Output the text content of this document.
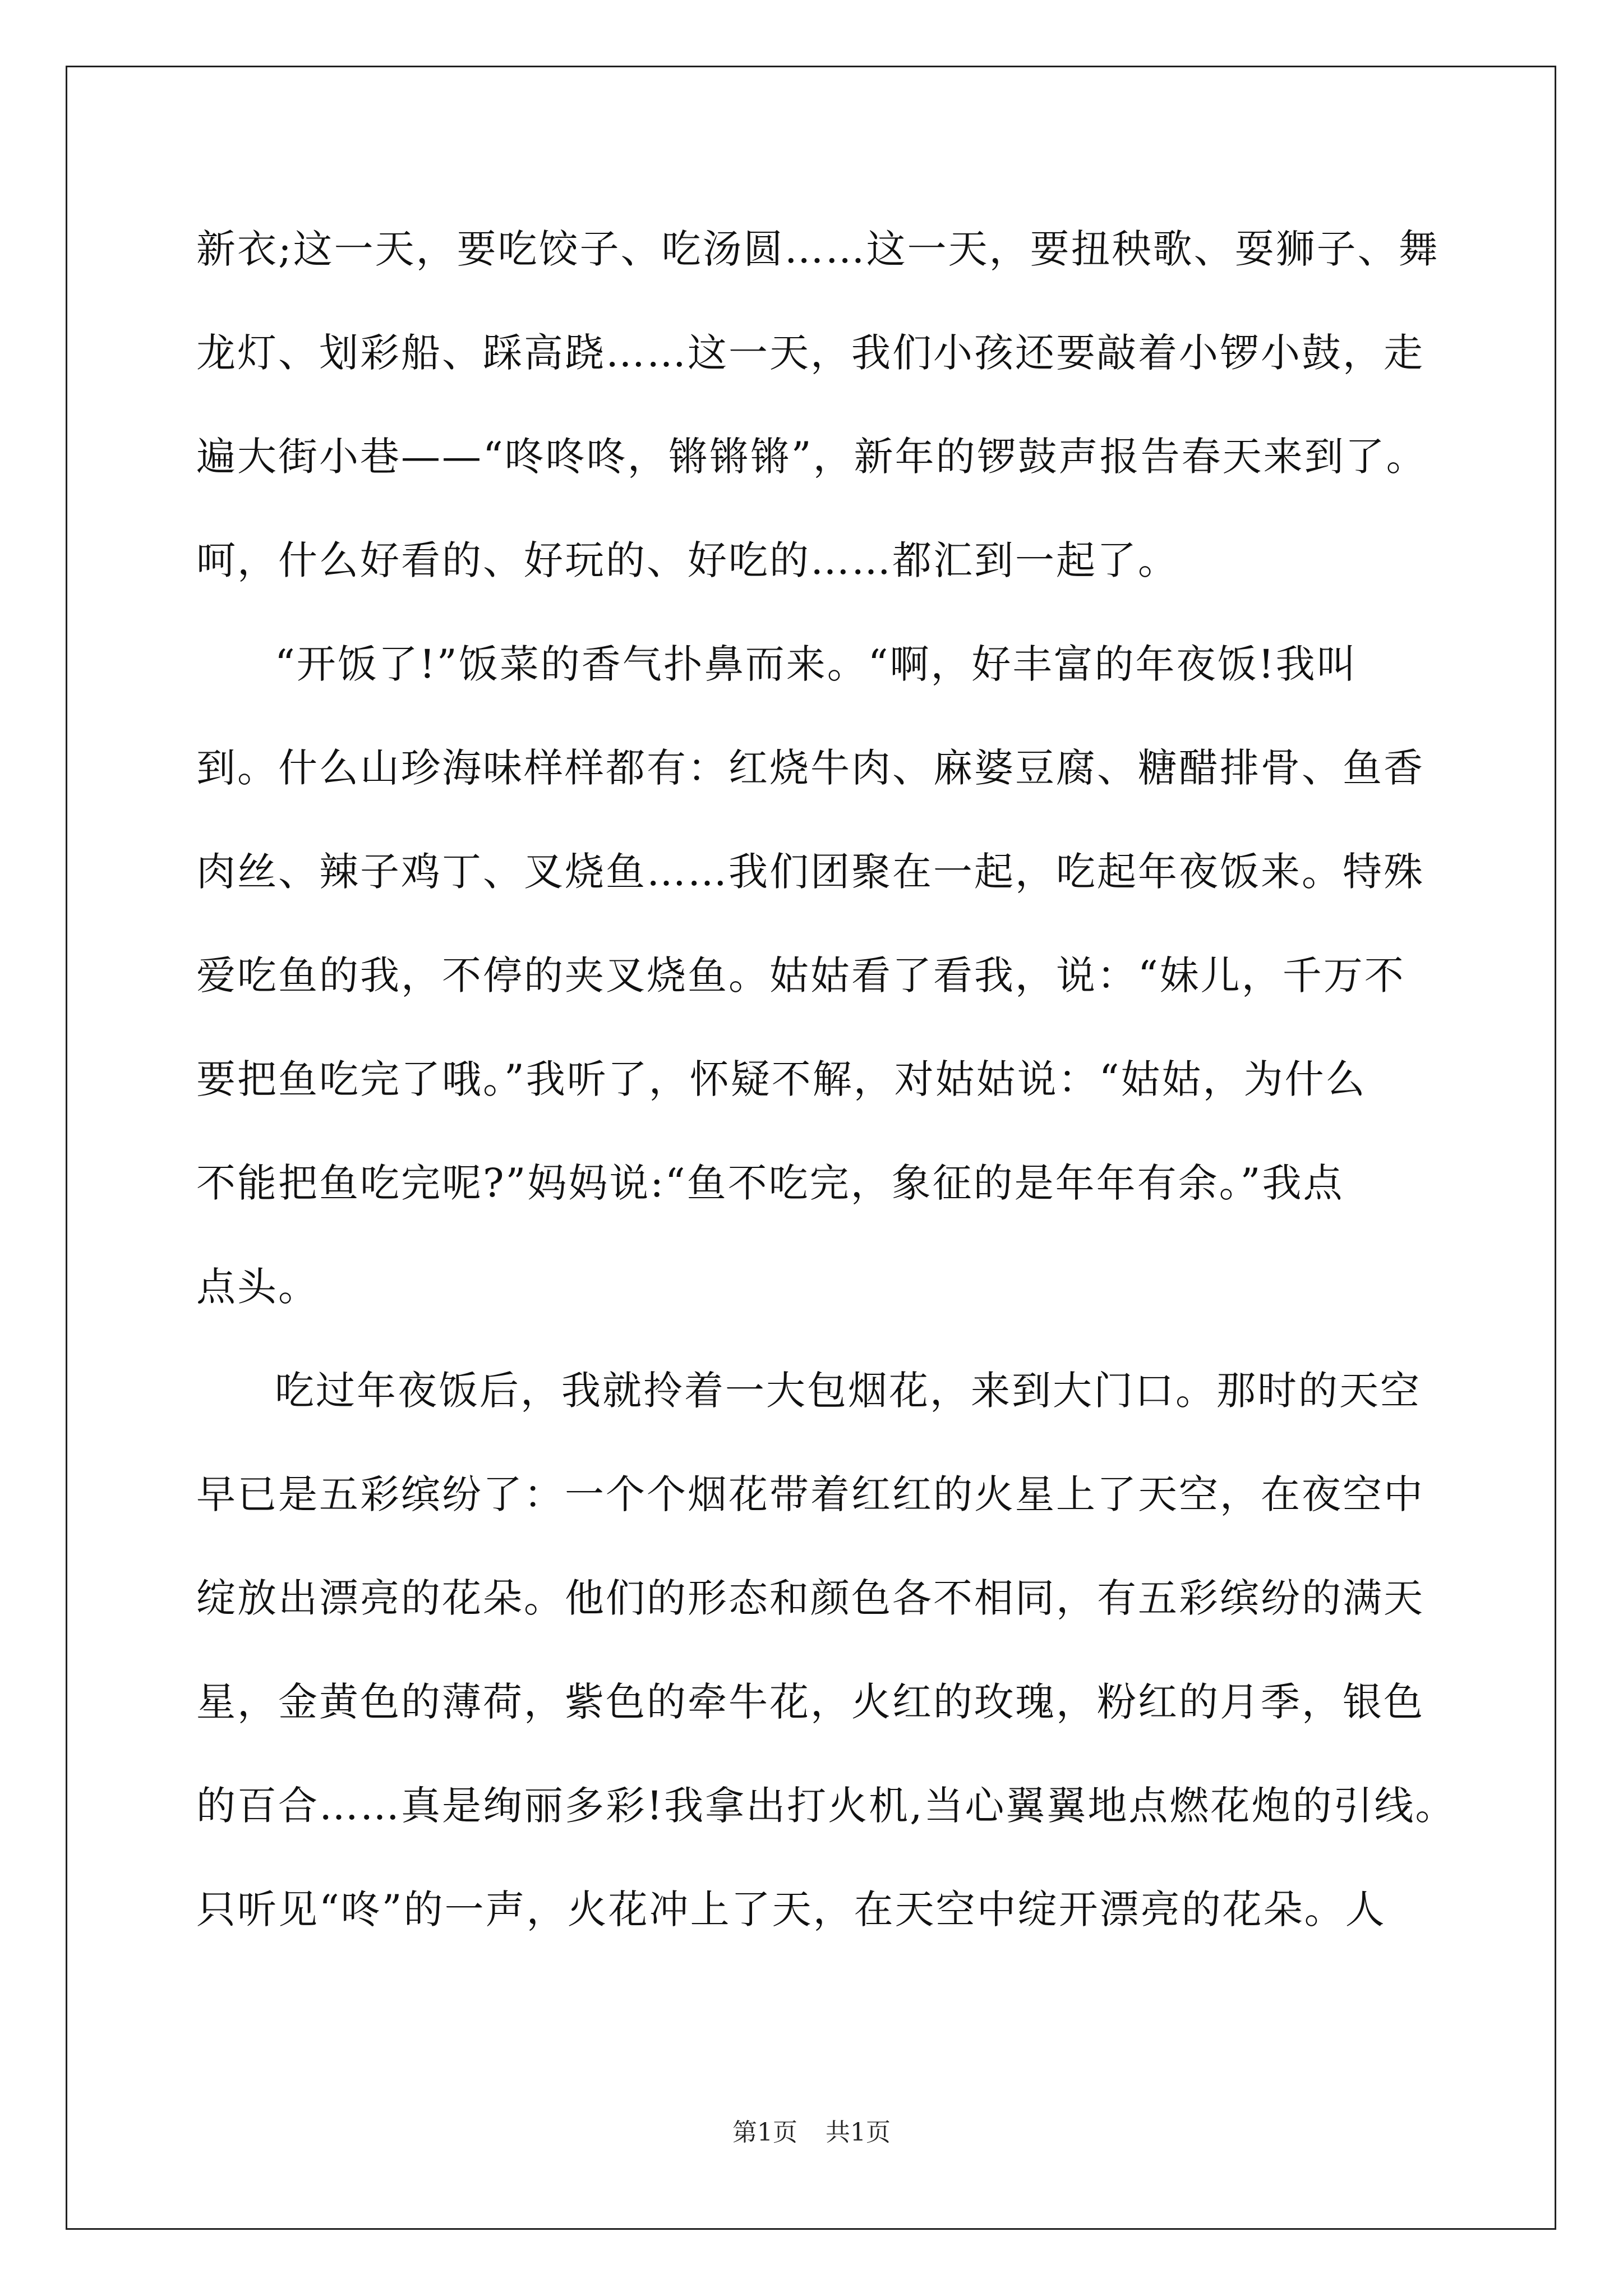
新衣;这一天，要吃饺子、吃汤圆……这一天，要扭秧歌、耍狮子、舞
龙灯、划彩船、踩高跷……这一天，我们小孩还要敲着小锣小鼓，走
遍大街小巷——“咚咚咚，锵锵锵”，新年的锣鼓声报告春天来到了。
呵，什么好看的、好玩的、好吃的……都汇到一起了。
“开饭了!”饭菜的香气扑鼻而来。“啊，好丰富的年夜饭!我叫
到。什么山珍海味样样都有：红烧牛肉、麻婆豆腐、糖醋排骨、鱼香
肉丝、辣子鸡丁、叉烧鱼……我们团聚在一起，吃起年夜饭来。特殊
爱吃鱼的我，不停的夹叉烧鱼。姑姑看了看我，说：“妹儿，千万不
要把鱼吃完了哦。”我听了，怀疑不解，对姑姑说：“姑姑，为什么
不能把鱼吃完呢?”妈妈说:“鱼不吃完，象征的是年年有余。”我点
点头。
吃过年夜饭后，我就拎着一大包烟花，来到大门口。那时的天空
早已是五彩缤纷了：一个个烟花带着红红的火星上了天空，在夜空中
绽放出漂亮的花朵。他们的形态和颜色各不相同，有五彩缤纷的满天
星，金黄色的薄荷，紫色的牵牛花，火红的玫瑰，粉红的月季，银色
的百合……真是绚丽多彩!我拿出打火机,当心翼翼地点燃花炮的引线。
只听见“咚”的一声，火花冲上了天，在天空中绽开漂亮的花朵。人
第1页 共1页
